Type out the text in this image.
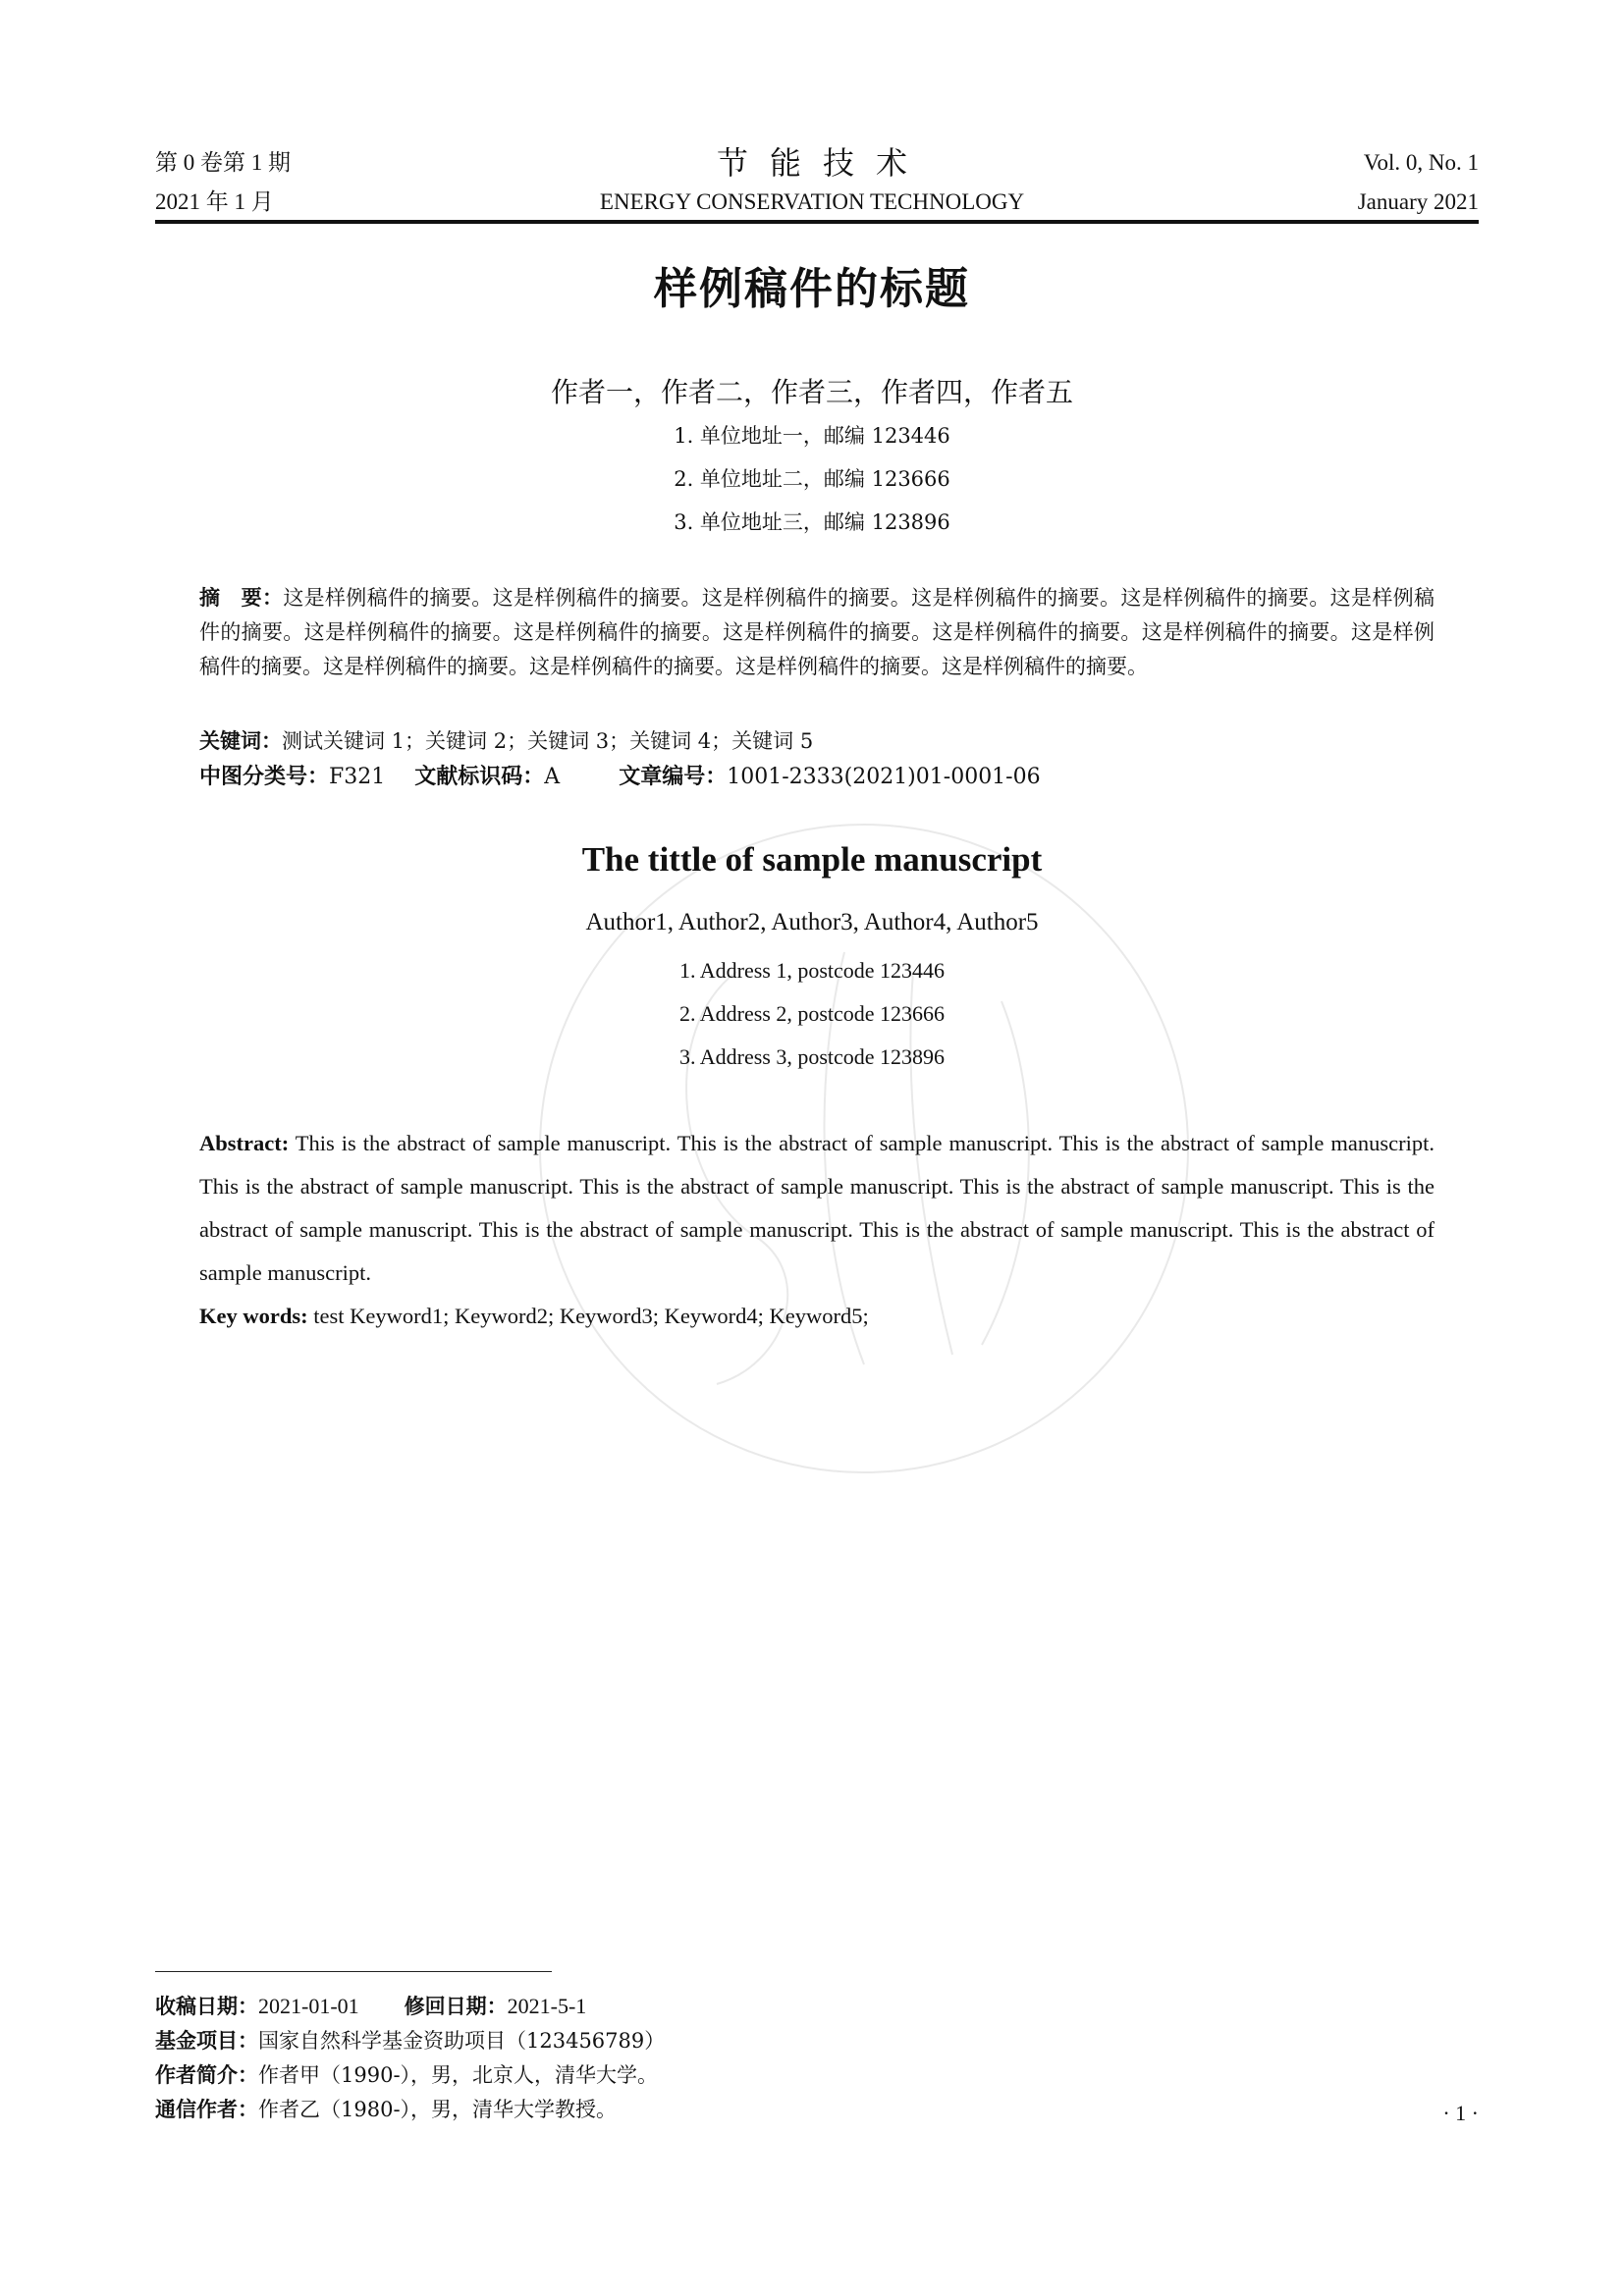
第 0 卷第 1 期
2021 年 1 月
节能技术
ENERGY CONSERVATION TECHNOLOGY
Vol. 0, No. 1
January 2021
样例稿件的标题
作者一，作者二，作者三，作者四，作者五
1. 单位地址一，邮编 123446
2. 单位地址二，邮编 123666
3. 单位地址三，邮编 123896
摘　要：这是样例稿件的摘要。这是样例稿件的摘要。这是样例稿件的摘要。这是样例稿件的摘要。这是样例稿件的摘要。这是样例稿件的摘要。这是样例稿件的摘要。这是样例稿件的摘要。这是样例稿件的摘要。这是样例稿件的摘要。这是样例稿件的摘要。这是样例稿件的摘要。这是样例稿件的摘要。这是样例稿件的摘要。这是样例稿件的摘要。这是样例稿件的摘要。
关键词：测试关键词 1；关键词 2；关键词 3；关键词 4；关键词 5
中图分类号：F321 文献标识码：A	文章编号：1001-2333(2021)01-0001-06
The tittle of sample manuscript
Author1, Author2, Author3, Author4, Author5
1. Address 1, postcode 123446
2. Address 2, postcode 123666
3. Address 3, postcode 123896
Abstract: This is the abstract of sample manuscript. This is the abstract of sample manuscript. This is the abstract of sample manuscript. This is the abstract of sample manuscript. This is the abstract of sample manuscript. This is the abstract of sample manuscript. This is the abstract of sample manuscript. This is the abstract of sample manuscript. This is the abstract of sample manuscript. This is the abstract of sample manuscript.
Key words: test Keyword1; Keyword2; Keyword3; Keyword4; Keyword5;
收稿日期：2021-01-01 修回日期：2021-5-1
基金项目：国家自然科学基金资助项目（123456789）
作者简介：作者甲（1990-），男，北京人，清华大学。
通信作者：作者乙（1980-），男，清华大学教授。	· 1 ·
